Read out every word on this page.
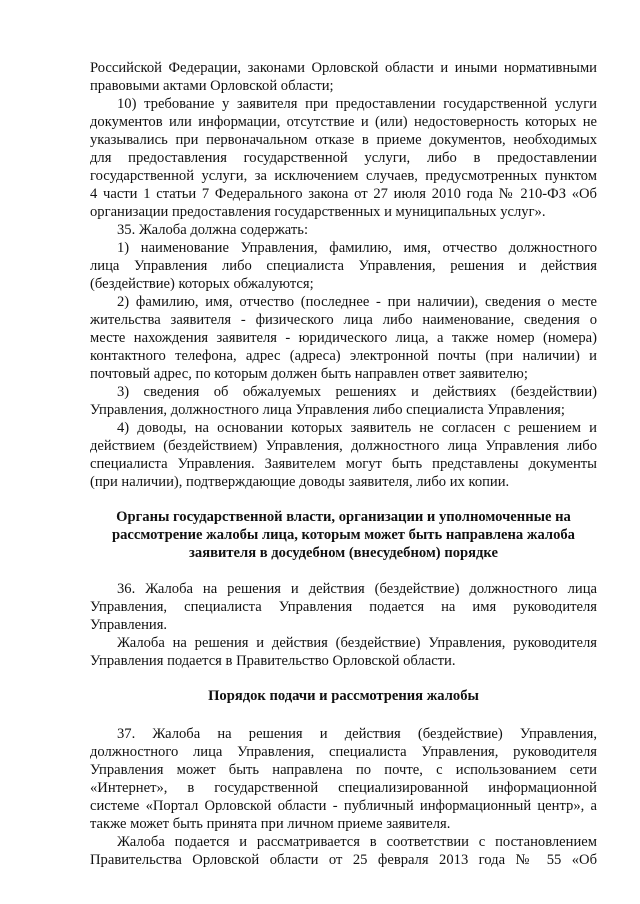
Российской Федерации, законами Орловской области и иными нормативными
правовыми актами Орловской области;
10) требование у заявителя при предоставлении государственной услуги
документов или информации, отсутствие и (или) недостоверность которых не
указывались при первоначальном отказе в приеме документов, необходимых
для предоставления государственной услуги, либо в предоставлении
государственной услуги, за исключением случаев, предусмотренных пунктом
4 части 1 статьи 7 Федерального закона от 27 июля 2010 года № 210-ФЗ «Об
организации предоставления государственных и муниципальных услуг».
35. Жалоба должна содержать:
1) наименование Управления, фамилию, имя, отчество должностного
лица Управления либо специалиста Управления, решения и действия
(бездействие) которых обжалуются;
2) фамилию, имя, отчество (последнее - при наличии), сведения о месте
жительства заявителя - физического лица либо наименование, сведения о
месте нахождения заявителя - юридического лица, а также номер (номера)
контактного телефона, адрес (адреса) электронной почты (при наличии) и
почтовый адрес, по которым должен быть направлен ответ заявителю;
3) сведения об обжалуемых решениях и действиях (бездействии)
Управления, должностного лица Управления либо специалиста Управления;
4) доводы, на основании которых заявитель не согласен с решением и
действием (бездействием) Управления, должностного лица Управления либо
специалиста Управления. Заявителем могут быть представлены документы
(при наличии), подтверждающие доводы заявителя, либо их копии.
Органы государственной власти, организации и уполномоченные на
рассмотрение жалобы лица, которым может быть направлена жалоба
заявителя в досудебном (внесудебном) порядке
36. Жалоба на решения и действия (бездействие) должностного лица
Управления, специалиста Управления подается на имя руководителя
Управления.
Жалоба на решения и действия (бездействие) Управления, руководителя
Управления подается в Правительство Орловской области.
Порядок подачи и рассмотрения жалобы
37. Жалоба на решения и действия (бездействие) Управления,
должностного лица Управления, специалиста Управления, руководителя
Управления может быть направлена по почте, с использованием сети
«Интернет», в государственной специализированной информационной
системе «Портал Орловской области - публичный информационный центр», а
также может быть принята при личном приеме заявителя.
Жалоба подается и рассматривается в соответствии с постановлением
Правительства Орловской области от 25 февраля 2013 года № 55 «Об
